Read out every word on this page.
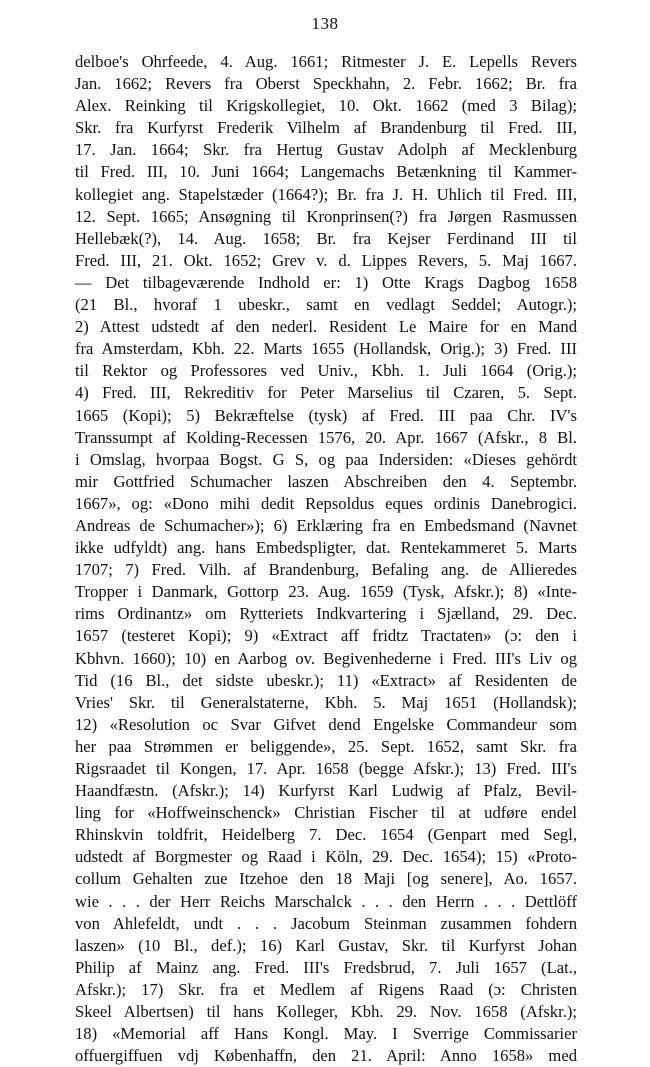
138
delboe's Ohrfeede, 4. Aug. 1661; Ritmester J. E. Lepells Revers
Jan. 1662; Revers fra Oberst Speckhahn, 2. Febr. 1662; Br. fra
Alex. Reinking til Krigskollegiet, 10. Okt. 1662 (med 3 Bilag);
Skr. fra Kurfyrst Frederik Vilhelm af Brandenburg til Fred. III,
17. Jan. 1664; Skr. fra Hertug Gustav Adolph af Mecklenburg
til Fred. III, 10. Juni 1664; Langemachs Betænkning til Kammer-
kollegiet ang. Stapelstæder (1664?); Br. fra J. H. Uhlich til Fred. III,
12. Sept. 1665; Ansøgning til Kronprinsen(?) fra Jørgen Rasmussen
Hellebæk(?), 14. Aug. 1658; Br. fra Kejser Ferdinand III til
Fred. III, 21. Okt. 1652; Grev v. d. Lippes Revers, 5. Maj 1667.
— Det tilbageværende Indhold er: 1) Otte Krags Dagbog 1658
(21 Bl., hvoraf 1 ubeskr., samt en vedlagt Seddel; Autogr.);
2) Attest udstedt af den nederl. Resident Le Maire for en Mand
fra Amsterdam, Kbh. 22. Marts 1655 (Hollandsk, Orig.); 3) Fred. III
til Rektor og Professores ved Univ., Kbh. 1. Juli 1664 (Orig.);
4) Fred. III, Rekreditiv for Peter Marselius til Czaren, 5. Sept.
1665 (Kopi); 5) Bekræftelse (tysk) af Fred. III paa Chr. IV's
Transsumpt af Kolding-Recessen 1576, 20. Apr. 1667 (Afskr., 8 Bl.
i Omslag, hvorpaa Bogst. G S, og paa Indersiden: «Dieses gehördt
mir Gottfried Schumacher laszen Abschreiben den 4. Septembr.
1667», og: «Dono mihi dedit Repsoldus eques ordinis Danebrogici.
Andreas de Schumacher»); 6) Erklæring fra en Embedsmand (Navnet
ikke udfyldt) ang. hans Embedspligter, dat. Rentekammeret 5. Marts
1707; 7) Fred. Vilh. af Brandenburg, Befaling ang. de Allieredes
Tropper i Danmark, Gottorp 23. Aug. 1659 (Tysk, Afskr.); 8) «Inte-
rims Ordinantz» om Rytteriets Indkvartering i Sjælland, 29. Dec.
1657 (testeret Kopi); 9) «Extract aff fridtz Tractaten» (ɔ: den i
Kbhvn. 1660); 10) en Aarbog ov. Begivenhederne i Fred. III's Liv og
Tid (16 Bl., det sidste ubeskr.); 11) «Extract» af Residenten de
Vries' Skr. til Generalstaterne, Kbh. 5. Maj 1651 (Hollandsk);
12) «Resolution oc Svar Gifvet dend Engelske Commandeur som
her paa Strømmen er beliggende», 25. Sept. 1652, samt Skr. fra
Rigsraadet til Kongen, 17. Apr. 1658 (begge Afskr.); 13) Fred. III's
Haandfæstn. (Afskr.); 14) Kurfyrst Karl Ludwig af Pfalz, Bevil-
ling for «Hoffweinschenck» Christian Fischer til at udføre endel
Rhinskvin toldfrit, Heidelberg 7. Dec. 1654 (Genpart med Segl,
udstedt af Borgmester og Raad i Köln, 29. Dec. 1654); 15) «Proto-
collum Gehalten zue Itzehoe den 18 Maji [og senere], Ao. 1657.
wie . . . der Herr Reichs Marschalck . . . den Herrn . . . Dettlöff
von Ahlefeldt, undt . . . Jacobum Steinman zusammen fohdern
laszen» (10 Bl., def.); 16) Karl Gustav, Skr. til Kurfyrst Johan
Philip af Mainz ang. Fred. III's Fredsbrud, 7. Juli 1657 (Lat.,
Afskr.); 17) Skr. fra et Medlem af Rigens Raad (ɔ: Christen
Skeel Albertsen) til hans Kolleger, Kbh. 29. Nov. 1658 (Afskr.);
18) «Memorial aff Hans Kongl. May. I Sverrige Commissarier
offuergiffuen vdj Københaffn, den 21. April: Anno 1658» med
